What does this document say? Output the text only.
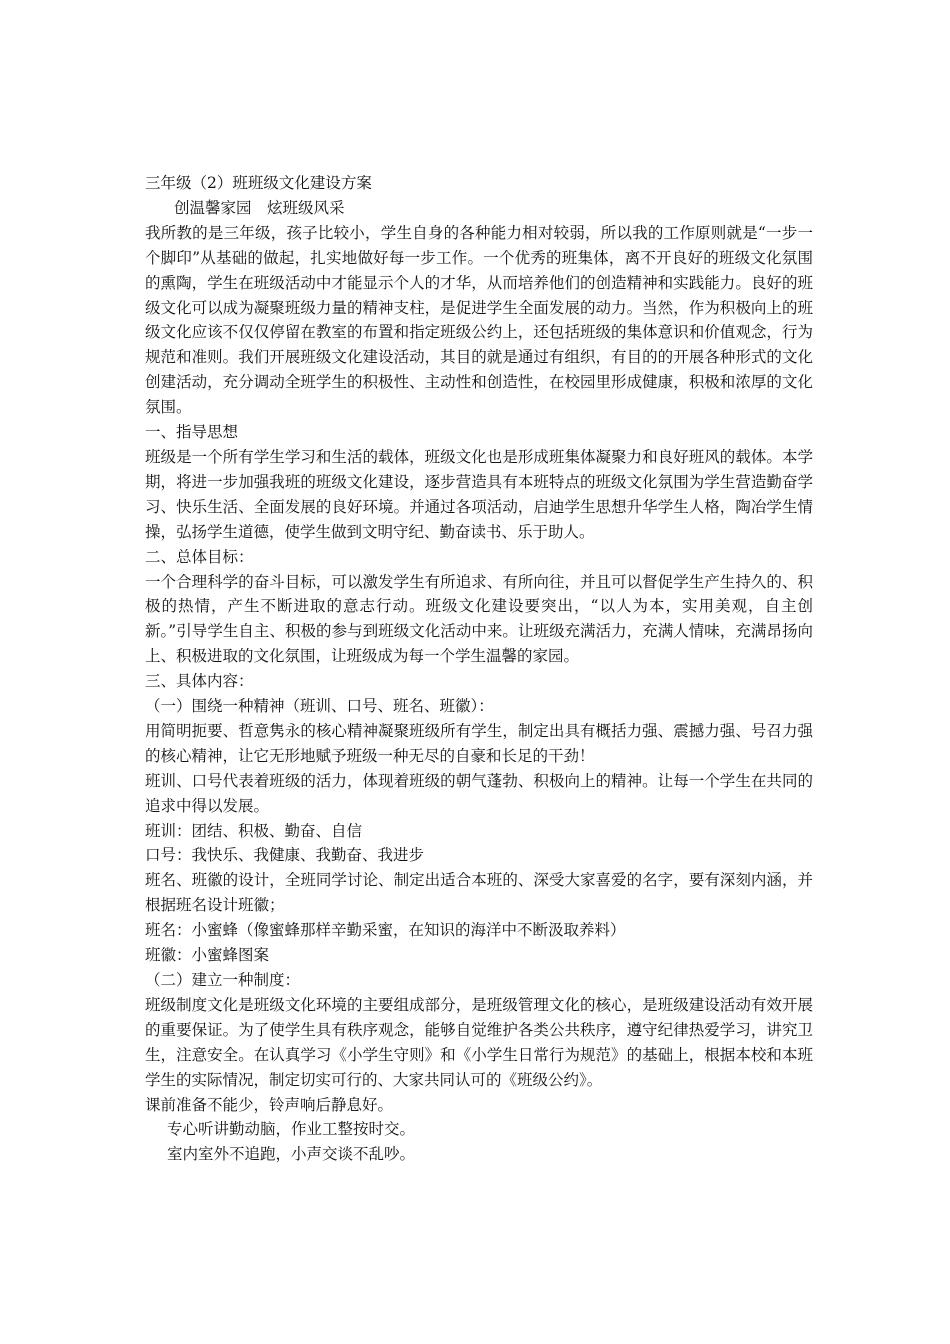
三年级（2）班班级文化建设方案
创温馨家园　炫班级风采
我所教的是三年级，孩子比较小，学生自身的各种能力相对较弱，所以我的工作原则就是“一步一个脚印”从基础的做起，扎实地做好每一步工作。一个优秀的班集体，离不开良好的班级文化氛围的熏陶，学生在班级活动中才能显示个人的才华，从而培养他们的创造精神和实践能力。良好的班级文化可以成为凝聚班级力量的精神支柱，是促进学生全面发展的动力。当然，作为积极向上的班级文化应该不仅仅停留在教室的布置和指定班级公约上，还包括班级的集体意识和价值观念，行为规范和准则。我们开展班级文化建设活动，其目的就是通过有组织，有目的的开展各种形式的文化创建活动，充分调动全班学生的积极性、主动性和创造性，在校园里形成健康，积极和浓厚的文化氛围。
一、指导思想
班级是一个所有学生学习和生活的载体，班级文化也是形成班集体凝聚力和良好班风的载体。本学期，将进一步加强我班的班级文化建设，逐步营造具有本班特点的班级文化氛围为学生营造勤奋学习、快乐生活、全面发展的良好环境。并通过各项活动，启迪学生思想升华学生人格，陶冶学生情操，弘扬学生道德，使学生做到文明守纪、勤奋读书、乐于助人。
二、总体目标：
一个合理科学的奋斗目标，可以激发学生有所追求、有所向往，并且可以督促学生产生持久的、积极的热情，产生不断进取的意志行动。班级文化建设要突出，“以人为本，实用美观，自主创新。”引导学生自主、积极的参与到班级文化活动中来。让班级充满活力，充满人情味，充满昂扬向上、积极进取的文化氛围，让班级成为每一个学生温馨的家园。
三、具体内容：
（一）围绕一种精神（班训、口号、班名、班徽）：
用简明扼要、哲意隽永的核心精神凝聚班级所有学生，制定出具有概括力强、震撼力强、号召力强的核心精神，让它无形地赋予班级一种无尽的自豪和长足的干劲！
班训、口号代表着班级的活力，体现着班级的朝气蓬勃、积极向上的精神。让每一个学生在共同的追求中得以发展。
班训：团结、积极、勤奋、自信
口号：我快乐、我健康、我勤奋、我进步
班名、班徽的设计，全班同学讨论、制定出适合本班的、深受大家喜爱的名字，要有深刻内涵，并根据班名设计班徽；
班名：小蜜蜂（像蜜蜂那样辛勤采蜜，在知识的海洋中不断汲取养料）
班徽：小蜜蜂图案
（二）建立一种制度：
班级制度文化是班级文化环境的主要组成部分，是班级管理文化的核心，是班级建设活动有效开展的重要保证。为了使学生具有秩序观念，能够自觉维护各类公共秩序，遵守纪律热爱学习，讲究卫生，注意安全。在认真学习《小学生守则》和《小学生日常行为规范》的基础上，根据本校和本班学生的实际情况，制定切实可行的、大家共同认可的《班级公约》。
课前准备不能少，铃声响后静息好。
专心听讲勤动脑，作业工整按时交。
室内室外不追跑，小声交谈不乱吵。
